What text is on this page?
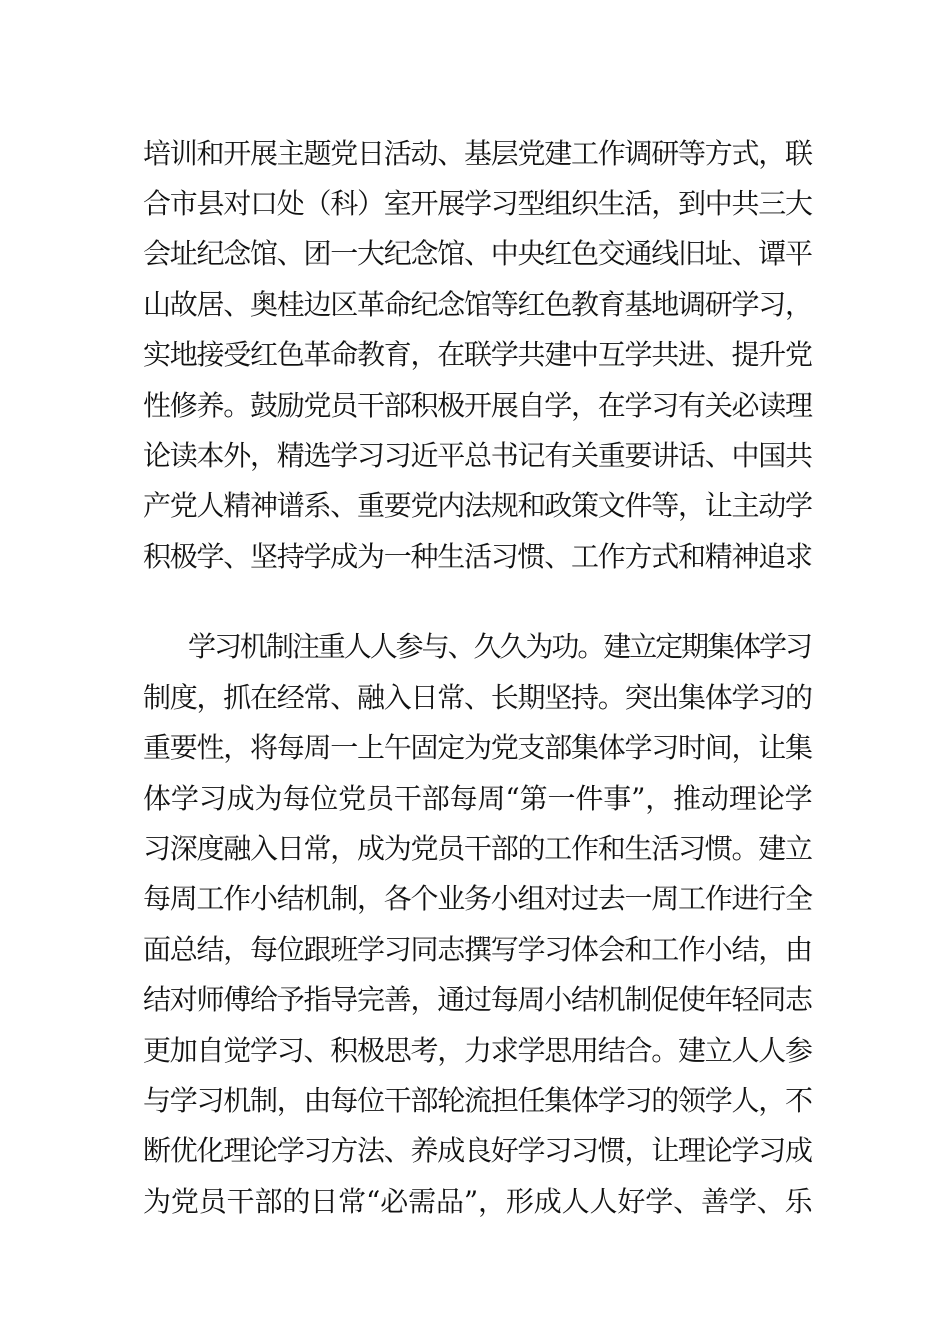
培训和开展主题党日活动、基层党建工作调研等方式，联
合市县对口处（科）室开展学习型组织生活，到中共三大
会址纪念馆、团一大纪念馆、中央红色交通线旧址、谭平
山故居、奥桂边区革命纪念馆等红色教育基地调研学习，
实地接受红色革命教育，在联学共建中互学共进、提升党
性修养。鼓励党员干部积极开展自学，在学习有关必读理
论读本外，精选学习习近平总书记有关重要讲话、中国共
产党人精神谱系、重要党内法规和政策文件等，让主动学
积极学、坚持学成为一种生活习惯、工作方式和精神追求
学习机制注重人人参与、久久为功。建立定期集体学习
制度，抓在经常、融入日常、长期坚持。突出集体学习的
重要性，将每周一上午固定为党支部集体学习时间，让集
体学习成为每位党员干部每周“第一件事”，推动理论学
习深度融入日常，成为党员干部的工作和生活习惯。建立
每周工作小结机制，各个业务小组对过去一周工作进行全
面总结，每位跟班学习同志撰写学习体会和工作小结，由
结对师傅给予指导完善，通过每周小结机制促使年轻同志
更加自觉学习、积极思考，力求学思用结合。建立人人参
与学习机制，由每位干部轮流担任集体学习的领学人，不
断优化理论学习方法、养成良好学习习惯，让理论学习成
为党员干部的日常“必需品”，形成人人好学、善学、乐
